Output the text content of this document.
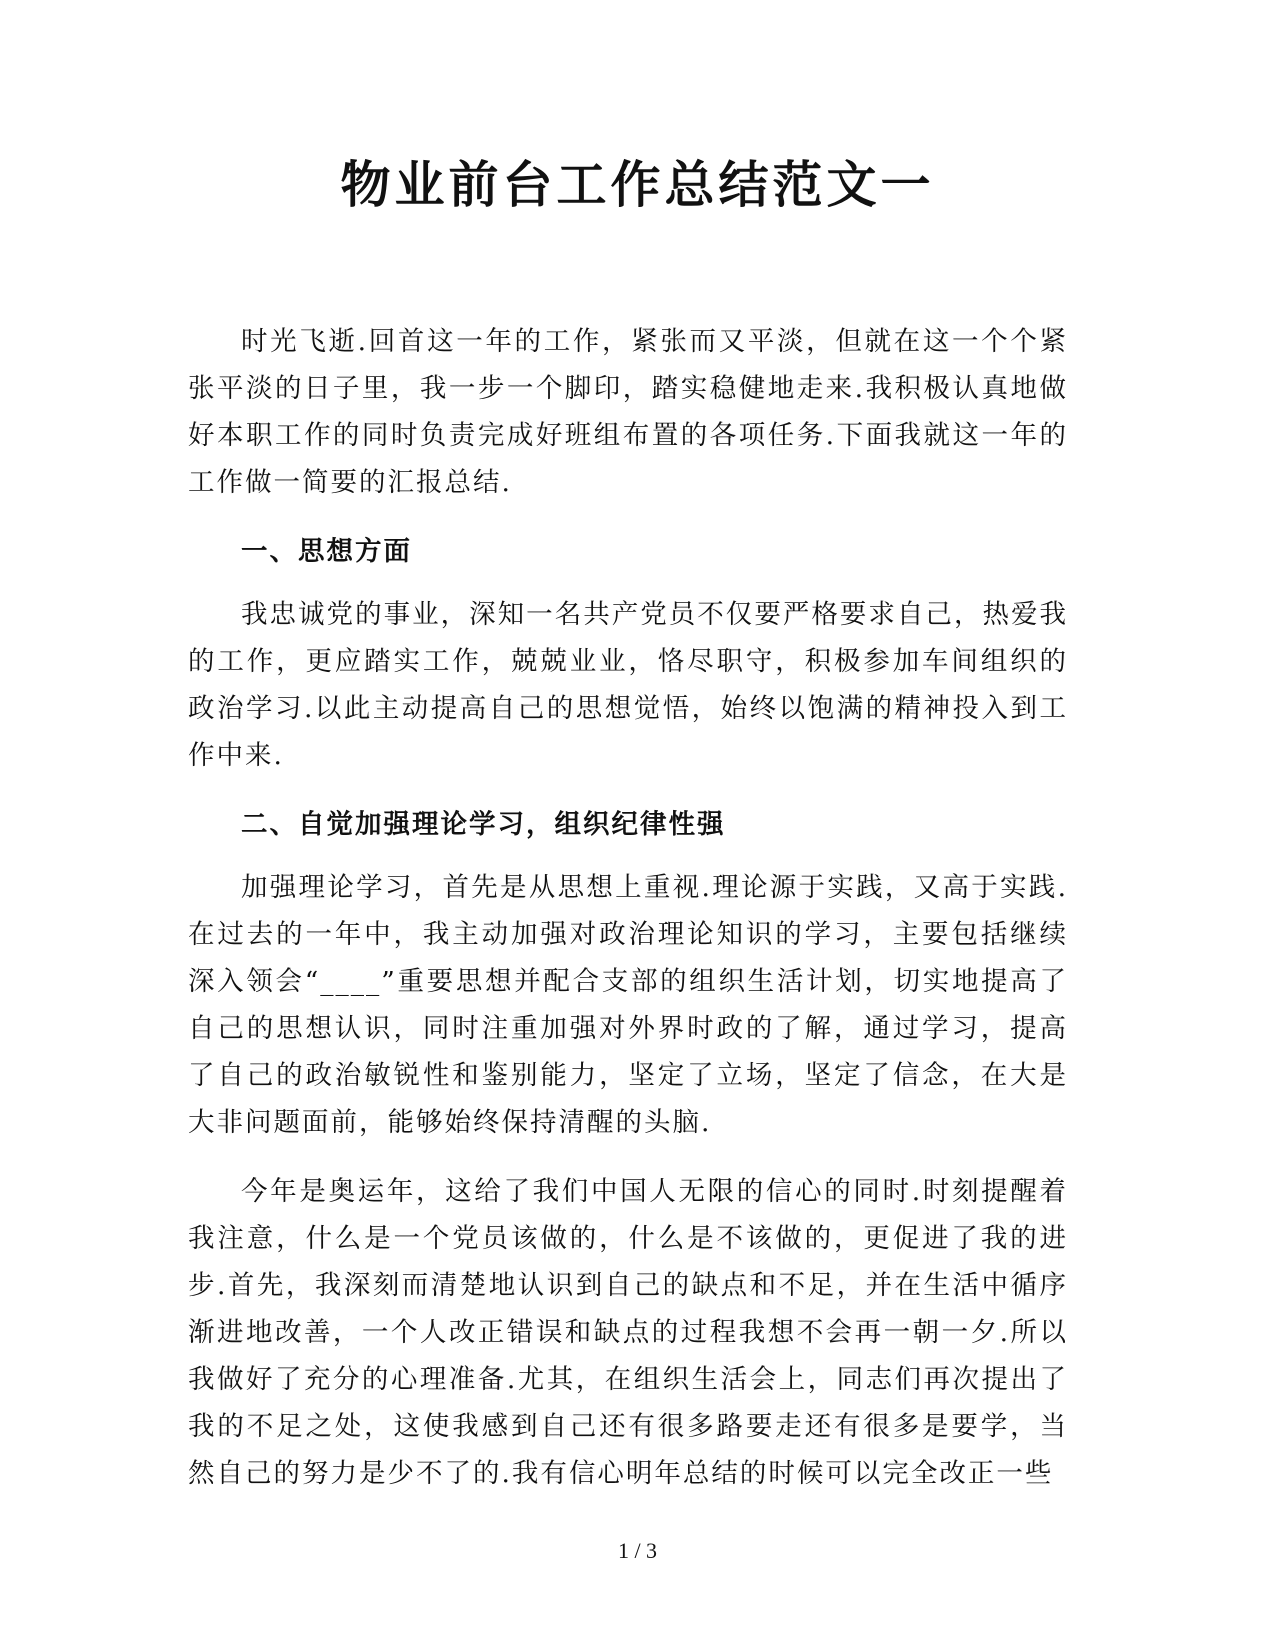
物业前台工作总结范文一

时光飞逝.回首这一年的工作，紧张而又平淡，但就在这一个个紧张平淡的日子里，我一步一个脚印，踏实稳健地走来.我积极认真地做好本职工作的同时负责完成好班组布置的各项任务.下面我就这一年的工作做一简要的汇报总结.

一、思想方面

我忠诚党的事业，深知一名共产党员不仅要严格要求自己，热爱我的工作，更应踏实工作，兢兢业业，恪尽职守，积极参加车间组织的政治学习.以此主动提高自己的思想觉悟，始终以饱满的精神投入到工作中来.

二、自觉加强理论学习，组织纪律性强

加强理论学习，首先是从思想上重视.理论源于实践，又高于实践.在过去的一年中，我主动加强对政治理论知识的学习，主要包括继续深入领会“____”重要思想并配合支部的组织生活计划，切实地提高了自己的思想认识，同时注重加强对外界时政的了解，通过学习，提高了自己的政治敏锐性和鉴别能力，坚定了立场，坚定了信念，在大是大非问题面前，能够始终保持清醒的头脑.

今年是奥运年，这给了我们中国人无限的信心的同时.时刻提醒着我注意，什么是一个党员该做的，什么是不该做的，更促进了我的进步.首先，我深刻而清楚地认识到自己的缺点和不足，并在生活中循序渐进地改善，一个人改正错误和缺点的过程我想不会再一朝一夕.所以我做好了充分的心理准备.尤其，在组织生活会上，同志们再次提出了我的不足之处，这使我感到自己还有很多路要走还有很多是要学，当然自己的努力是少不了的.我有信心明年总结的时候可以完全改正一些

1 / 3
